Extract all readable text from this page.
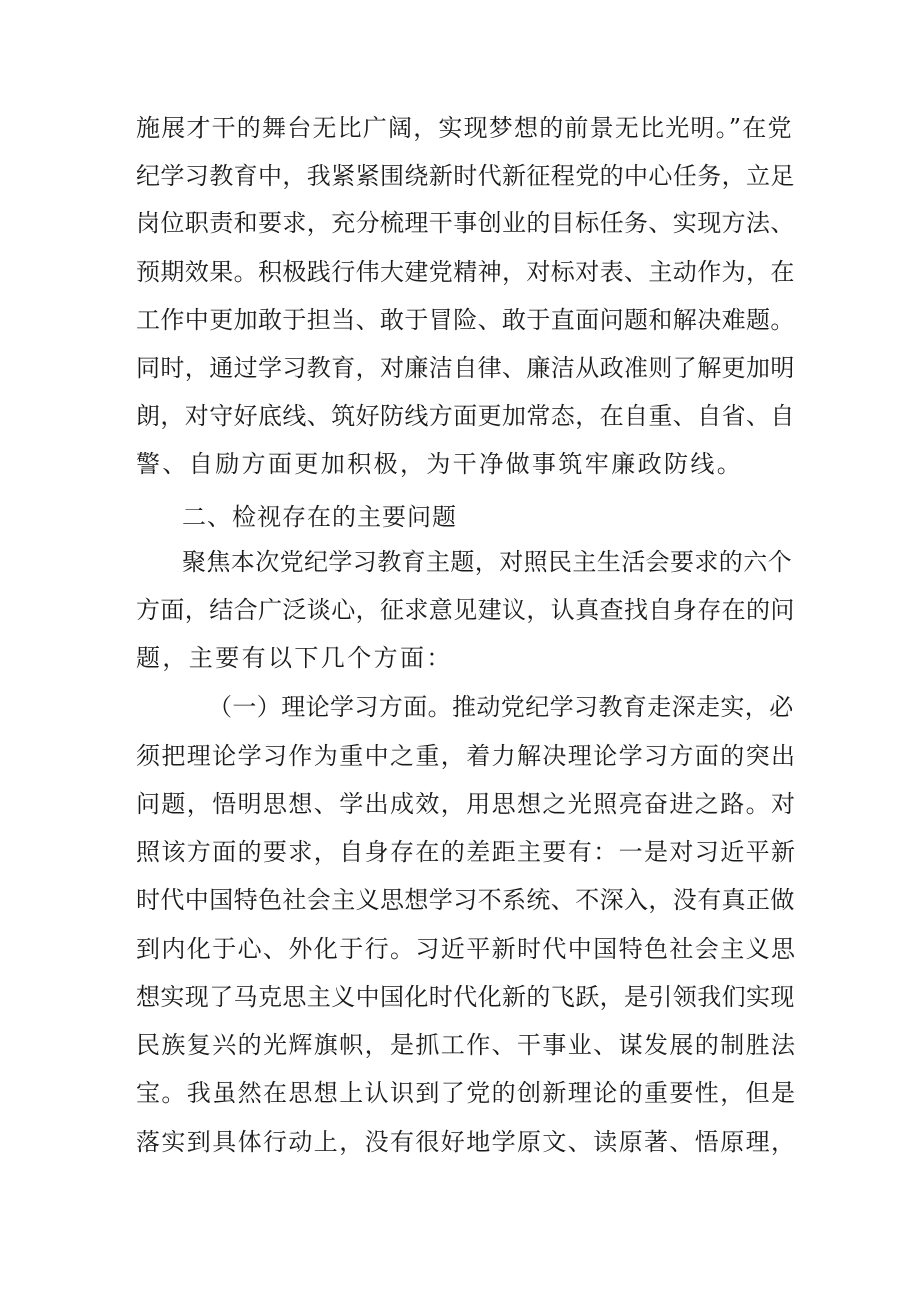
施展才干的舞台无比广阔，实现梦想的前景无比光明。”在党
纪学习教育中，我紧紧围绕新时代新征程党的中心任务，立足
岗位职责和要求，充分梳理干事创业的目标任务、实现方法、
预期效果。积极践行伟大建党精神，对标对表、主动作为，在
工作中更加敢于担当、敢于冒险、敢于直面问题和解决难题。
同时，通过学习教育，对廉洁自律、廉洁从政准则了解更加明
朗，对守好底线、筑好防线方面更加常态，在自重、自省、自
警、自励方面更加积极，为干净做事筑牢廉政防线。
二、检视存在的主要问题
聚焦本次党纪学习教育主题，对照民主生活会要求的六个
方面，结合广泛谈心，征求意见建议，认真查找自身存在的问
题，主要有以下几个方面：
（一）理论学习方面。推动党纪学习教育走深走实，必
须把理论学习作为重中之重，着力解决理论学习方面的突出
问题，悟明思想、学出成效，用思想之光照亮奋进之路。对
照该方面的要求，自身存在的差距主要有：一是对习近平新
时代中国特色社会主义思想学习不系统、不深入，没有真正做
到内化于心、外化于行。习近平新时代中国特色社会主义思
想实现了马克思主义中国化时代化新的飞跃，是引领我们实现
民族复兴的光辉旗帜，是抓工作、干事业、谋发展的制胜法
宝。我虽然在思想上认识到了党的创新理论的重要性，但是
落实到具体行动上，没有很好地学原文、读原著、悟原理，
